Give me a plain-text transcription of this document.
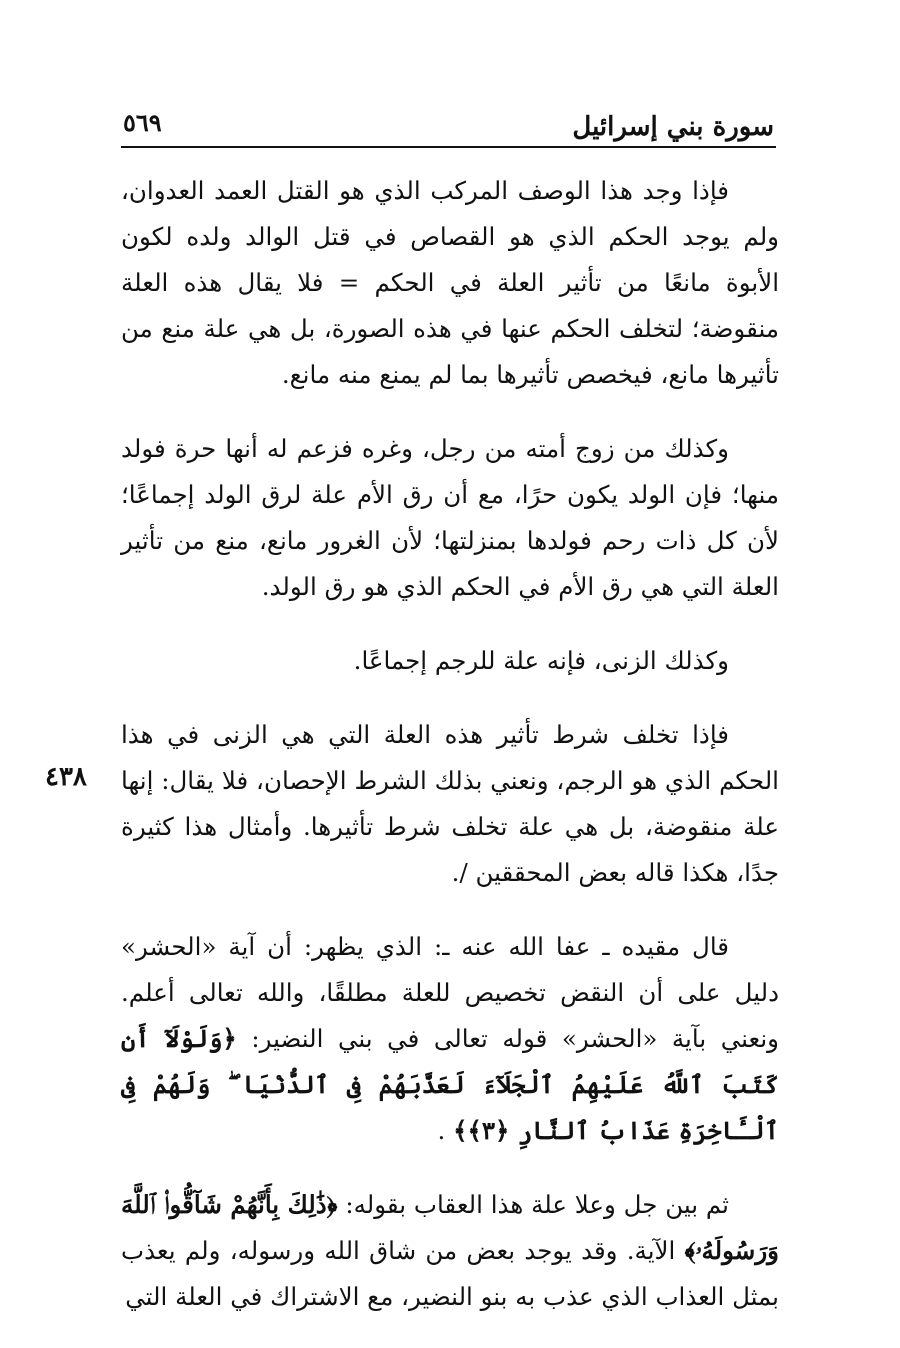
سورة بني إسرائيل
٥٦٩
٤٣٨

فإذا وجد هذا الوصف المركب الذي هو القتل العمد العدوان، ولم يوجد الحكم الذي هو القصاص في قتل الوالد ولده لكون الأبوة مانعًا من تأثير العلة في الحكم = فلا يقال هذه العلة منقوضة؛ لتخلف الحكم عنها في هذه الصورة، بل هي علة منع من تأثيرها مانع، فيخصص تأثيرها بما لم يمنع منه مانع.

وكذلك من زوج أمته من رجل، وغره فزعم له أنها حرة فولد منها؛ فإن الولد يكون حرًا، مع أن رق الأم علة لرق الولد إجماعًا؛ لأن كل ذات رحم فولدها بمنزلتها؛ لأن الغرور مانع، منع من تأثير العلة التي هي رق الأم في الحكم الذي هو رق الولد.

وكذلك الزنى، فإنه علة للرجم إجماعًا.

فإذا تخلف شرط تأثير هذه العلة التي هي الزنى في هذا الحكم الذي هو الرجم، ونعني بذلك الشرط الإحصان، فلا يقال: إنها علة منقوضة، بل هي علة تخلف شرط تأثيرها. وأمثال هذا كثيرة جدًا، هكذا قاله بعض المحققين /.

قال مقيده ـ عفا الله عنه ـ: الذي يظهر: أن آية «الحشر» دليل على أن النقض تخصيص للعلة مطلقًا، والله تعالى أعلم. ونعني بآية «الحشر» قوله تعالى في بني النضير: ﴿وَلَوْلَآ أَن كَتَبَ ٱللَّهُ عَلَيْهِمُ ٱلْجَلَآءَ لَعَذَّبَهُمْ فِى ٱلدُّنْيَا ۖ وَلَهُمْ فِى ٱلْـَٔاخِرَةِ عَذَابُ ٱلنَّارِ ﴿٣﴾﴾ .

ثم بين جل وعلا علة هذا العقاب بقوله: ﴿ذَٰلِكَ بِأَنَّهُمْ شَآقُّوا۟ ٱللَّهَ وَرَسُولَهُۥ﴾ الآية. وقد يوجد بعض من شاق الله ورسوله، ولم يعذب بمثل العذاب الذي عذب به بنو النضير، مع الاشتراك في العلة التي
